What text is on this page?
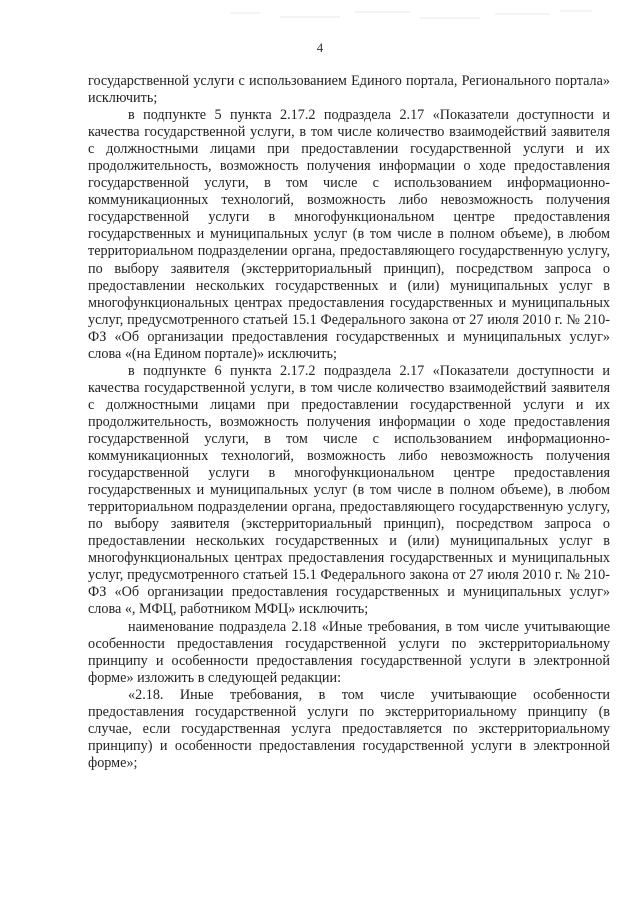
4

государственной услуги с использованием Единого портала, Регионального портала» исключить;

в подпункте 5 пункта 2.17.2 подраздела 2.17 «Показатели доступности и качества государственной услуги, в том числе количество взаимодействий заявителя с должностными лицами при предоставлении государственной услуги и их продолжительность, возможность получения информации о ходе предоставления государственной услуги, в том числе с использованием информационно-коммуникационных технологий, возможность либо невозможность получения государственной услуги в многофункциональном центре предоставления государственных и муниципальных услуг (в том числе в полном объеме), в любом территориальном подразделении органа, предоставляющего государственную услугу, по выбору заявителя (экстерриториальный принцип), посредством запроса о предоставлении нескольких государственных и (или) муниципальных услуг в многофункциональных центрах предоставления государственных и муниципальных услуг, предусмотренного статьей 15.1 Федерального закона от 27 июля 2010 г. № 210-ФЗ «Об организации предоставления государственных и муниципальных услуг» слова «(на Едином портале)» исключить;

в подпункте 6 пункта 2.17.2 подраздела 2.17 «Показатели доступности и качества государственной услуги, в том числе количество взаимодействий заявителя с должностными лицами при предоставлении государственной услуги и их продолжительность, возможность получения информации о ходе предоставления государственной услуги, в том числе с использованием информационно-коммуникационных технологий, возможность либо невозможность получения государственной услуги в многофункциональном центре предоставления государственных и муниципальных услуг (в том числе в полном объеме), в любом территориальном подразделении органа, предоставляющего государственную услугу, по выбору заявителя (экстерриториальный принцип), посредством запроса о предоставлении нескольких государственных и (или) муниципальных услуг в многофункциональных центрах предоставления государственных и муниципальных услуг, предусмотренного статьей 15.1 Федерального закона от 27 июля 2010 г. № 210-ФЗ «Об организации предоставления государственных и муниципальных услуг» слова «, МФЦ, работником МФЦ» исключить;

наименование подраздела 2.18 «Иные требования, в том числе учитывающие особенности предоставления государственной услуги по экстерриториальному принципу и особенности предоставления государственной услуги в электронной форме» изложить в следующей редакции:

«2.18. Иные требования, в том числе учитывающие особенности предоставления государственной услуги по экстерриториальному принципу (в случае, если государственная услуга предоставляется по экстерриториальному принципу) и особенности предоставления государственной услуги в электронной форме»;
